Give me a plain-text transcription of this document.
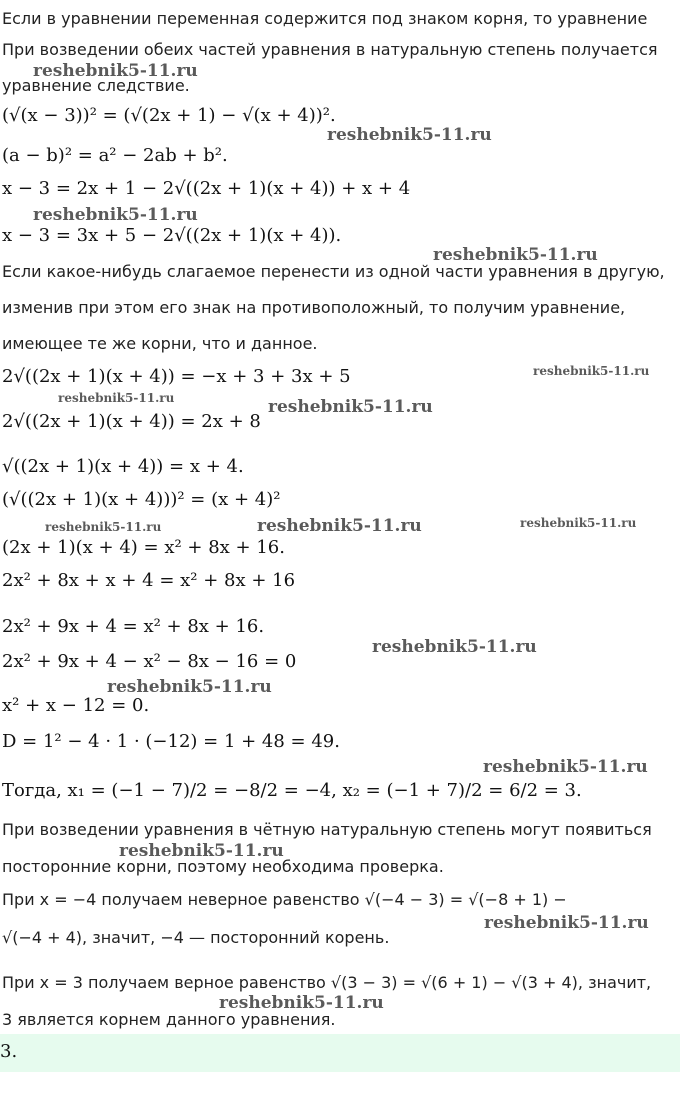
Если в уравнении переменная содержится под знаком корня, то уравнение
При возведении обеих частей уравнения в натуральную степень получается
уравнение следствие.
(√(x − 3))² = (√(2x + 1) − √(x + 4))².
(a − b)² = a² − 2ab + b².
x − 3 = 2x + 1 − 2√((2x + 1)(x + 4)) + x + 4
x − 3 = 3x + 5 − 2√((2x + 1)(x + 4)).
Если какое-нибудь слагаемое перенести из одной части уравнения в другую,
изменив при этом его знак на противоположный, то получим уравнение,
имеющее те же корни, что и данное.
2√((2x + 1)(x + 4)) = −x + 3 + 3x + 5
2√((2x + 1)(x + 4)) = 2x + 8
√((2x + 1)(x + 4)) = x + 4.
(√((2x + 1)(x + 4)))² = (x + 4)²
(2x + 1)(x + 4) = x² + 8x + 16.
2x² + 8x + x + 4 = x² + 8x + 16
2x² + 9x + 4 = x² + 8x + 16.
2x² + 9x + 4 − x² − 8x − 16 = 0
x² + x − 12 = 0.
D = 1² − 4 · 1 · (−12) = 1 + 48 = 49.
Тогда, x₁ = (−1 − 7)/2 = −8/2 = −4, x₂ = (−1 + 7)/2 = 6/2 = 3.
При возведении уравнения в чётную натуральную степень могут появиться
посторонние корни, поэтому необходима проверка.
При x = −4 получаем неверное равенство √(−4 − 3) = √(−8 + 1) −
√(−4 + 4), значит, −4 — посторонний корень.
При x = 3 получаем верное равенство √(3 − 3) = √(6 + 1) − √(3 + 4), значит,
3 является корнем данного уравнения.
3.
reshebnik5-11.ru
reshebnik5-11.ru
reshebnik5-11.ru
reshebnik5-11.ru
reshebnik5-11.ru
reshebnik5-11.ru	reshebnik5-11.ru
reshebnik5-11.ru	reshebnik5-11.ru	reshebnik5-11.ru
reshebnik5-11.ru
reshebnik5-11.ru
reshebnik5-11.ru
reshebnik5-11.ru
reshebnik5-11.ru
reshebnik5-11.ru
